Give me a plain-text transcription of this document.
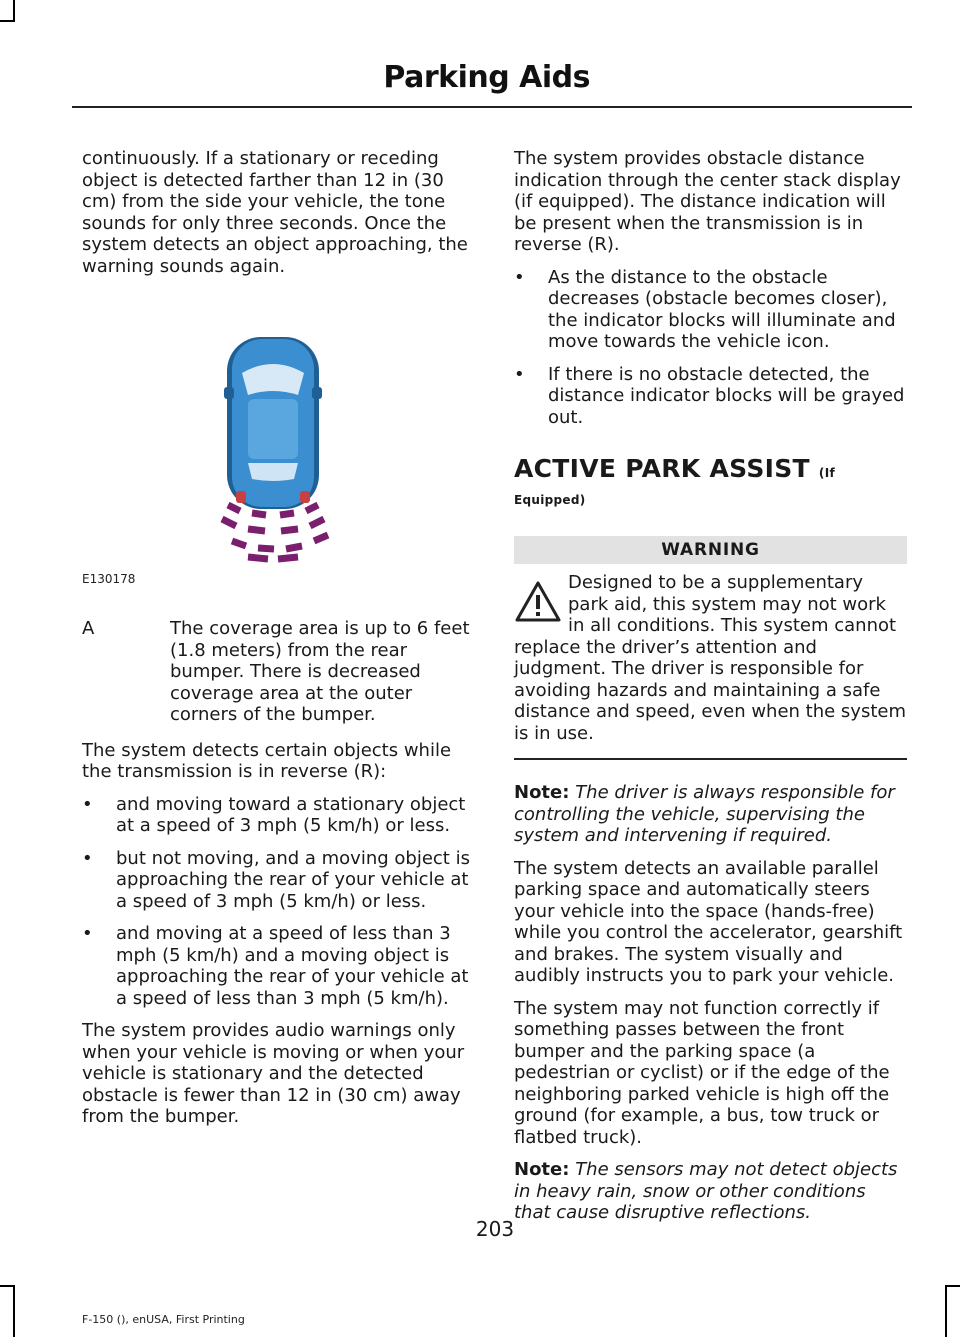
Parking Aids

continuously. If a stationary or receding object is detected farther than 12 in (30 cm) from the side your vehicle, the tone sounds for only three seconds. Once the system detects an object approaching, the warning sounds again.

E130178
A	The coverage area is up to 6 feet (1.8 meters) from the rear bumper. There is decreased coverage area at the outer corners of the bumper.

The system detects certain objects while the transmission is in reverse (R):

• and moving toward a stationary object at a speed of 3 mph (5 km/h) or less.
• but not moving, and a moving object is approaching the rear of your vehicle at a speed of 3 mph (5 km/h) or less.
• and moving at a speed of less than 3 mph (5 km/h) and a moving object is approaching the rear of your vehicle at a speed of less than 3 mph (5 km/h).

The system provides audio warnings only when your vehicle is moving or when your vehicle is stationary and the detected obstacle is fewer than 12 in (30 cm) away from the bumper.

The system provides obstacle distance indication through the center stack display (if equipped). The distance indication will be present when the transmission is in reverse (R).

• As the distance to the obstacle decreases (obstacle becomes closer), the indicator blocks will illuminate and move towards the vehicle icon.
• If there is no obstacle detected, the distance indicator blocks will be grayed out.
ACTIVE PARK ASSIST (If Equipped)
WARNING
Designed to be a supplementary park aid, this system may not work in all conditions. This system cannot replace the driver’s attention and judgment. The driver is responsible for avoiding hazards and maintaining a safe distance and speed, even when the system is in use.

Note: The driver is always responsible for controlling the vehicle, supervising the system and intervening if required.

The system detects an available parallel parking space and automatically steers your vehicle into the space (hands-free) while you control the accelerator, gearshift and brakes. The system visually and audibly instructs you to park your vehicle.

The system may not function correctly if something passes between the front bumper and the parking space (a pedestrian or cyclist) or if the edge of the neighboring parked vehicle is high off the ground (for example, a bus, tow truck or flatbed truck).

Note: The sensors may not detect objects in heavy rain, snow or other conditions that cause disruptive reflections.

203
F-150 (), enUSA, First Printing
